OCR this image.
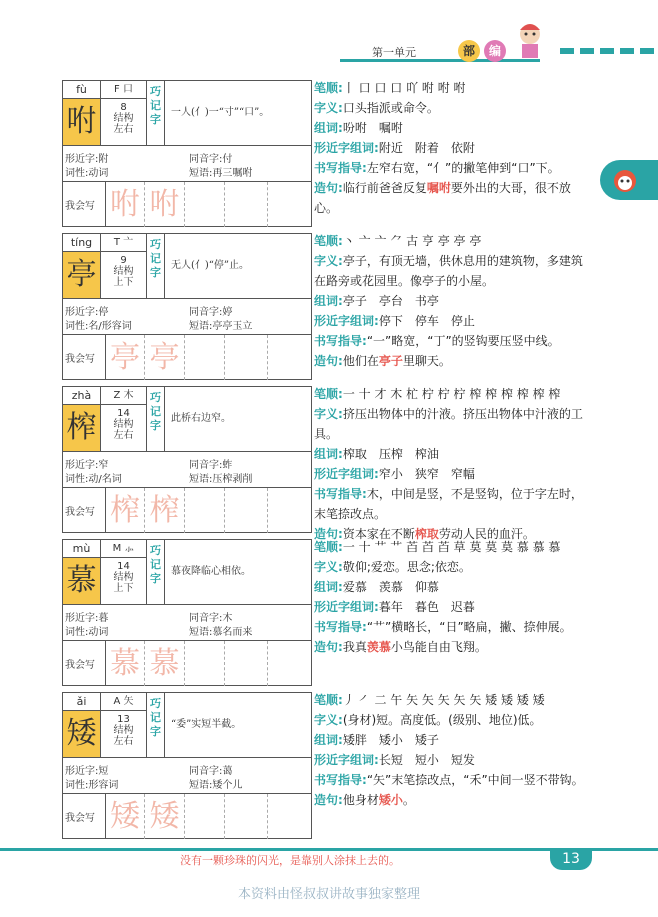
第一单元	部	编
fù
咐
F 口
8
结构
左右
巧记字
一人(亻)一“寸”“口”。
形近字:附	同音字:付
词性:动词	短语:再三嘱咐
我会写 咐 咐

笔顺:丨 口 口 口 吖 咐 咐 咐

字义:口头指派或命令。

组词:吩咐　嘱咐

形近字组词:附近　附着　依附

书写指导:左窄右宽，“亻”的撇笔伸到“口”下。

造句:临行前爸爸反复嘱咐要外出的大哥，很不放心。

tíng
亭
T 亠
9
结构
上下
巧记字
无人(亻)“停”止。
形近字:停	同音字:婷
词性:名/形容词	短语:亭亭玉立
我会写 亭 亭

笔顺:丶 亠 亠 ⺈ 古 亨 亭 亭 亭

字义:亭子，有顶无墙，供休息用的建筑物，多建筑在路旁或花园里。像亭子的小屋。

组词:亭子　亭台　书亭

形近字组词:停下　停车　停止

书写指导:“一”略宽，“丁”的竖钩要压竖中线。

造句:他们在亭子里聊天。

zhà
榨
Z 木
14
结构
左右
巧记字
此桥右边窄。
形近字:窄	同音字:蚱
词性:动/名词	短语:压榨剥削
我会写 榨 榨

笔顺:一 十 才 木 杧 柠 柠 柠 榨 榨 榨 榨 榨 榨

字义:挤压出物体中的汁液。挤压出物体中汁液的工具。

组词:榨取　压榨　榨油

形近字组词:窄小　狭窄　窄幅

书写指导:木，中间是竖，不是竖钩，位于字左时，末笔捺改点。

造句:资本家在不断榨取劳动人民的血汗。

mù
慕
M ⺗
14
结构
上下
巧记字
慕夜降临心相依。
形近字:暮	同音字:木
词性:动词	短语:慕名而来
我会写 慕 慕

笔顺:一 十 艹 艹 苩 苩 苩 草 莫 莫 莫 慕 慕 慕

字义:敬仰;爱恋。思念;依恋。

组词:爱慕　羡慕　仰慕

形近字组词:暮年　暮色　迟暮

书写指导:“艹”横略长，“日”略扁，撇、捺伸展。

造句:我真羡慕小鸟能自由飞翔。

ǎi
矮
A 矢
13
结构
左右
巧记字
“委”实短半截。
形近字:短	同音字:蔼
词性:形容词	短语:矮个儿
我会写 矮 矮

笔顺:丿 ㇒ 二 午 矢 矢 矢 矢 矢 矮 矮 矮 矮

字义:(身材)短。高度低。(级别、地位)低。

组词:矮胖　矮小　矮子

形近字组词:长短　短小　短发

书写指导:“矢”末笔捺改点，“禾”中间一竖不带钩。

造句:他身材矮小。

没有一颗珍珠的闪光，是靠别人涂抹上去的。	13
本资料由怪叔叔讲故事独家整理
